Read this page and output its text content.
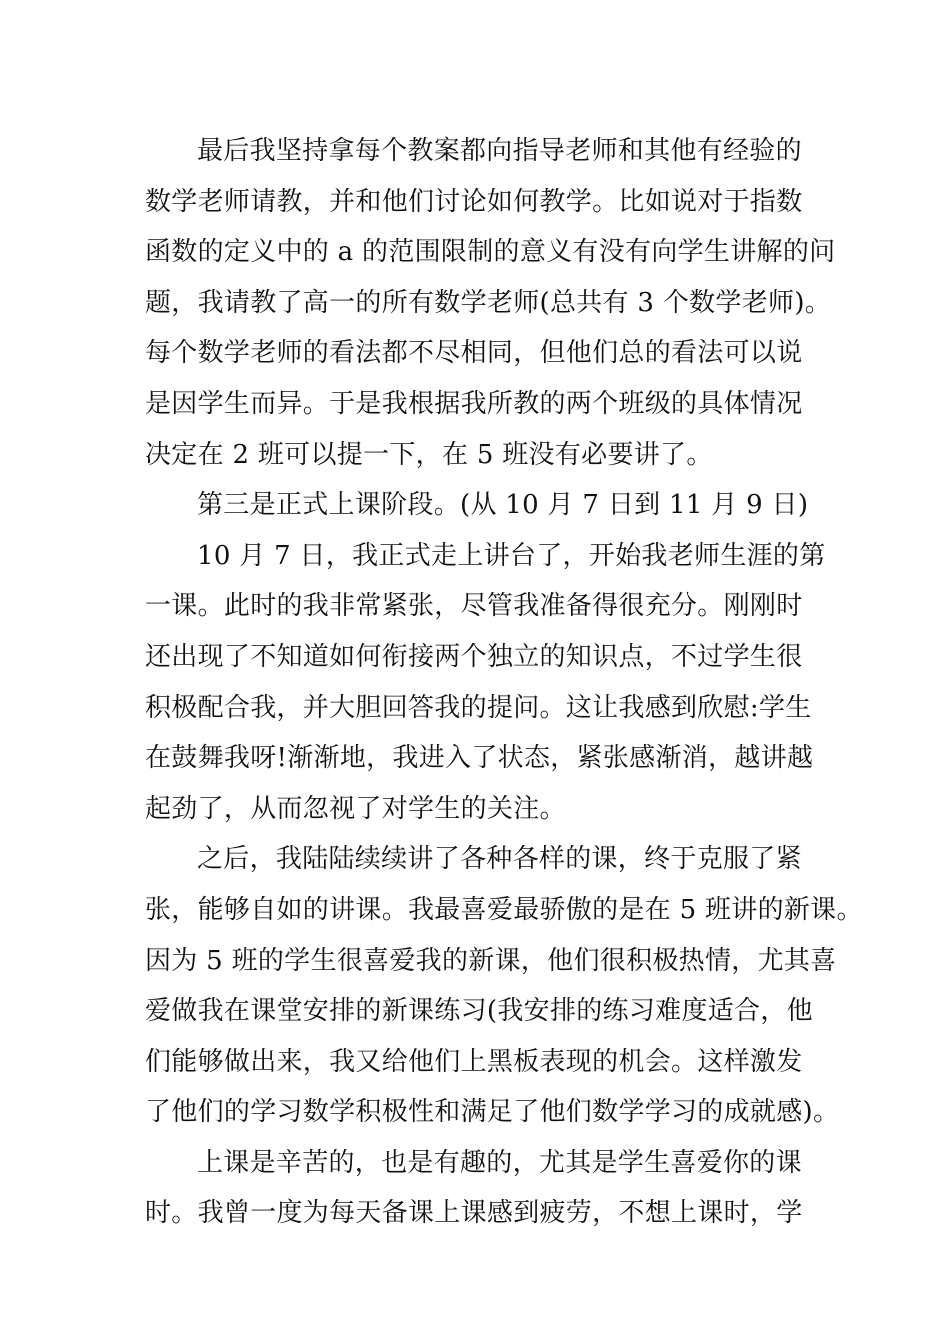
最后我坚持拿每个教案都向指导老师和其他有经验的
数学老师请教，并和他们讨论如何教学。比如说对于指数
函数的定义中的 a 的范围限制的意义有没有向学生讲解的问
题，我请教了高一的所有数学老师(总共有 3 个数学老师)。
每个数学老师的看法都不尽相同，但他们总的看法可以说
是因学生而异。于是我根据我所教的两个班级的具体情况
决定在 2 班可以提一下，在 5 班没有必要讲了。
第三是正式上课阶段。(从 10 月 7 日到 11 月 9 日)
10 月 7 日，我正式走上讲台了，开始我老师生涯的第
一课。此时的我非常紧张，尽管我准备得很充分。刚刚时
还出现了不知道如何衔接两个独立的知识点，不过学生很
积极配合我，并大胆回答我的提问。这让我感到欣慰:学生
在鼓舞我呀!渐渐地，我进入了状态，紧张感渐消，越讲越
起劲了，从而忽视了对学生的关注。
之后，我陆陆续续讲了各种各样的课，终于克服了紧
张，能够自如的讲课。我最喜爱最骄傲的是在 5 班讲的新课。
因为 5 班的学生很喜爱我的新课，他们很积极热情，尤其喜
爱做我在课堂安排的新课练习(我安排的练习难度适合，他
们能够做出来，我又给他们上黑板表现的机会。这样激发
了他们的学习数学积极性和满足了他们数学学习的成就感)。
上课是辛苦的，也是有趣的，尤其是学生喜爱你的课
时。我曾一度为每天备课上课感到疲劳，不想上课时，学
